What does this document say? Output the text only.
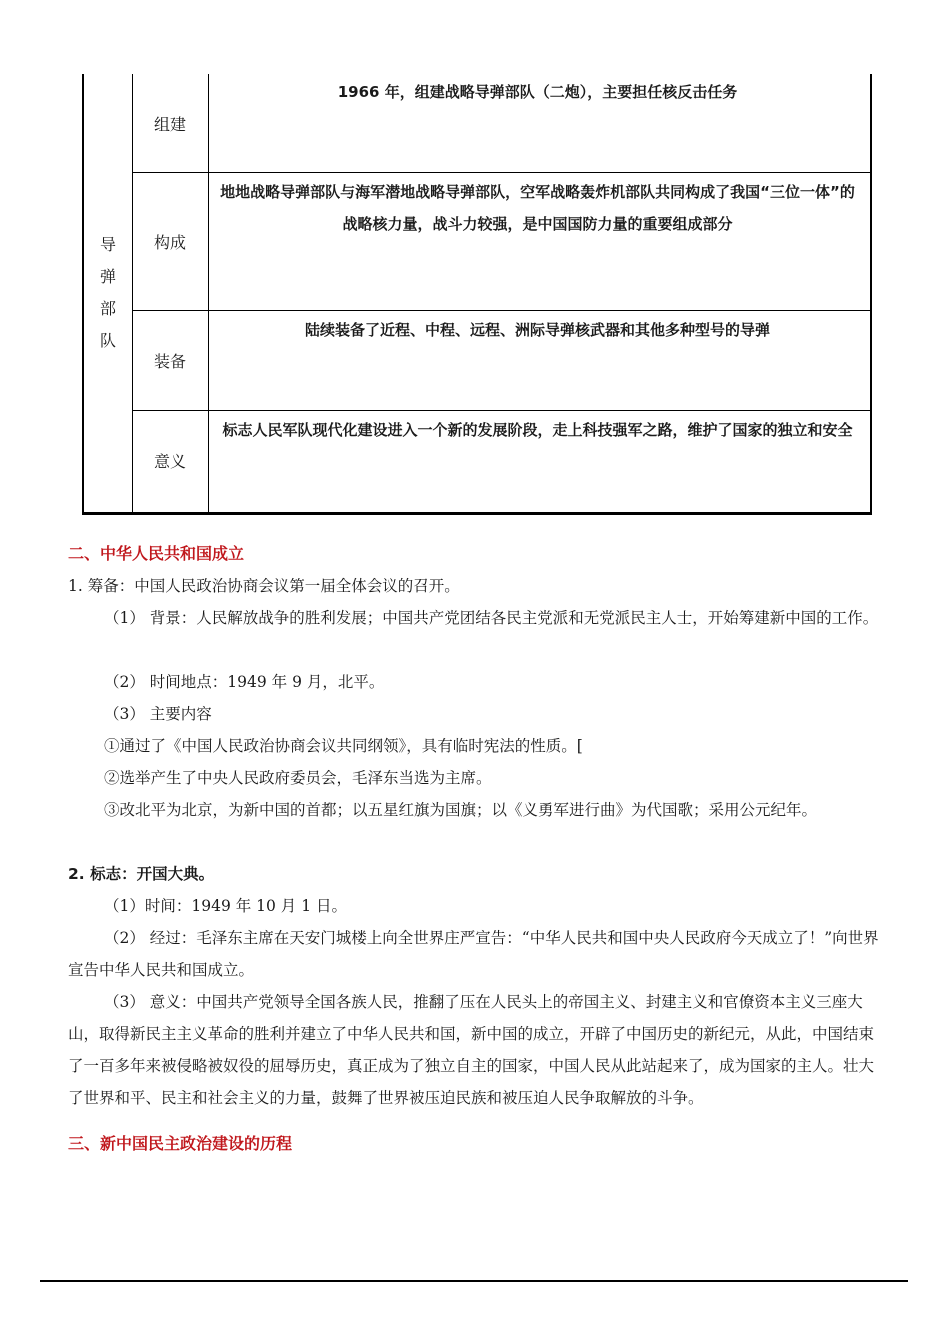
导弹部队
组建
1966 年，组建战略导弹部队（二炮），主要担任核反击任务
构成
地地战略导弹部队与海军潜地战略导弹部队，空军战略轰炸机部队共同构成了我国“三位一体”的战略核力量，战斗力较强，是中国国防力量的重要组成部分
装备
陆续装备了近程、中程、远程、洲际导弹核武器和其他多种型号的导弹
意义
标志人民军队现代化建设进入一个新的发展阶段，走上科技强军之路，维护了国家的独立和安全
二、中华人民共和国成立
1. 筹备：中国人民政治协商会议第一届全体会议的召开。
（1） 背景：人民解放战争的胜利发展；中国共产党团结各民主党派和无党派民主人士，开始筹建新中国的工作。
（2） 时间地点：1949 年 9 月，北平。
（3） 主要内容
①通过了《中国人民政治协商会议共同纲领》，具有临时宪法的性质。[
②选举产生了中央人民政府委员会，毛泽东当选为主席。
③改北平为北京，为新中国的首都；以五星红旗为国旗；以《义勇军进行曲》为代国歌；采用公元纪年。
2. 标志：开国大典。
（1）时间：1949 年 10 月 1 日。
（2） 经过：毛泽东主席在天安门城楼上向全世界庄严宣告：“中华人民共和国中央人民政府今天成立了！”向世界宣告中华人民共和国成立。
（3） 意义：中国共产党领导全国各族人民，推翻了压在人民头上的帝国主义、封建主义和官僚资本主义三座大山，取得新民主主义革命的胜利并建立了中华人民共和国，新中国的成立，开辟了中国历史的新纪元，从此，中国结束了一百多年来被侵略被奴役的屈辱历史，真正成为了独立自主的国家，中国人民从此站起来了，成为国家的主人。壮大了世界和平、民主和社会主义的力量，鼓舞了世界被压迫民族和被压迫人民争取解放的斗争。
三、新中国民主政治建设的历程
